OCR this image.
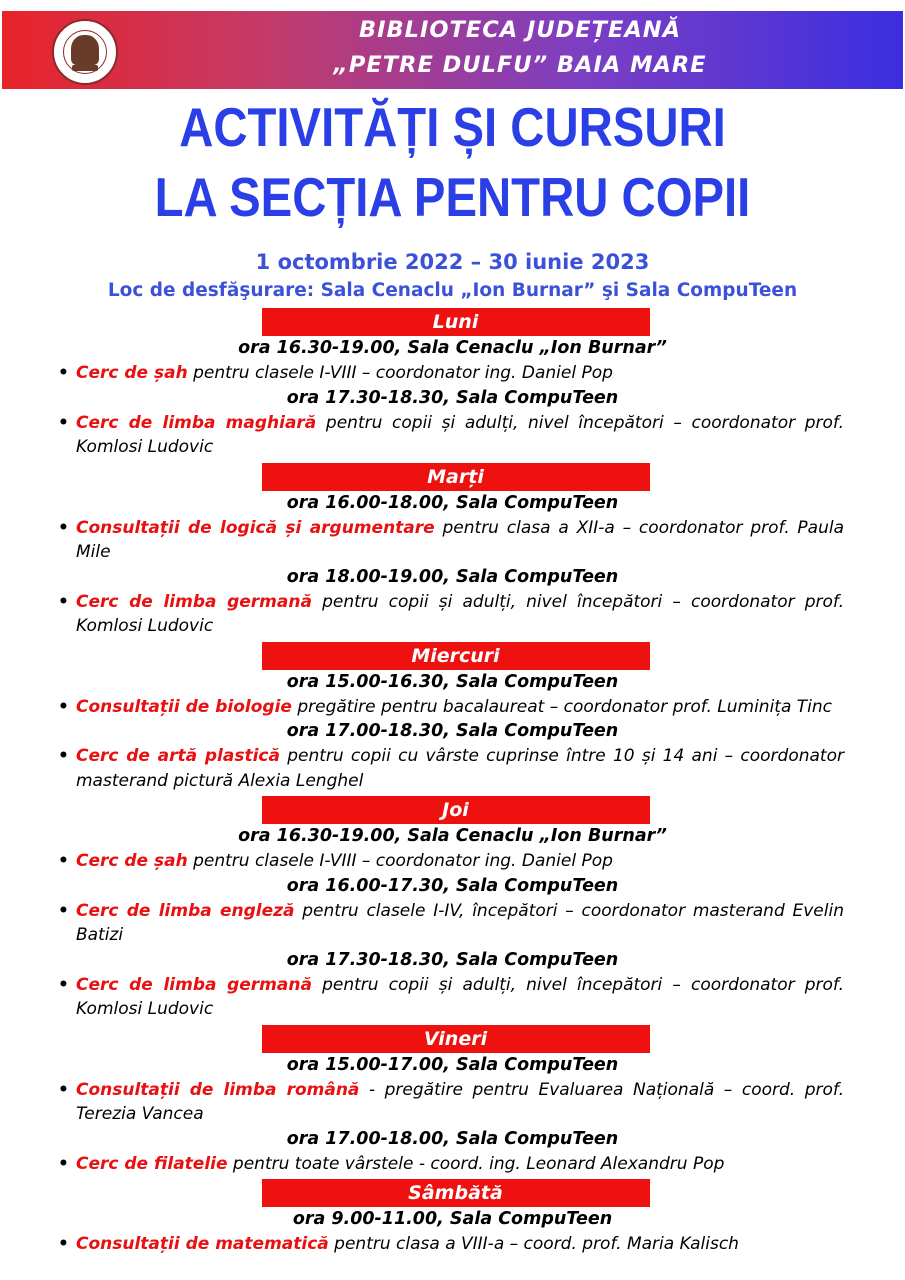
BIBLIOTECA JUDEȚEANĂ
„PETRE DULFU” BAIA MARE
ACTIVITĂȚI ȘI CURSURI
LA SECȚIA PENTRU COPII
1 octombrie 2022 – 30 iunie 2023
Loc de desfăşurare: Sala Cenaclu „Ion Burnar” şi Sala CompuTeen
Luni
ora 16.30-19.00, Sala Cenaclu „Ion Burnar”
• Cerc de șah pentru clasele I-VIII – coordonator ing. Daniel Pop
ora 17.30-18.30, Sala CompuTeen
• Cerc de limba maghiară pentru copii și adulți, nivel începători – coordonator prof. Komlosi Ludovic
Marți
ora 16.00-18.00, Sala CompuTeen
• Consultații de logică și argumentare pentru clasa a XII-a – coordonator prof. Paula Mile
ora 18.00-19.00, Sala CompuTeen
• Cerc de limba germană pentru copii și adulți, nivel începători – coordonator prof. Komlosi Ludovic
Miercuri
ora 15.00-16.30, Sala CompuTeen
• Consultații de biologie pregătire pentru bacalaureat – coordonator prof. Luminița Tinc
ora 17.00-18.30, Sala CompuTeen
• Cerc de artă plastică pentru copii cu vârste cuprinse între 10 și 14 ani – coordonator masterand pictură Alexia Lenghel
Joi
ora 16.30-19.00, Sala Cenaclu „Ion Burnar”
• Cerc de șah pentru clasele I-VIII – coordonator ing. Daniel Pop
ora 16.00-17.30, Sala CompuTeen
• Cerc de limba engleză pentru clasele I-IV, începători – coordonator masterand Evelin Batizi
ora 17.30-18.30, Sala CompuTeen
• Cerc de limba germană pentru copii și adulți, nivel începători – coordonator prof. Komlosi Ludovic
Vineri
ora 15.00-17.00, Sala CompuTeen
• Consultații de limba română - pregătire pentru Evaluarea Națională – coord. prof. Terezia Vancea
ora 17.00-18.00, Sala CompuTeen
• Cerc de filatelie pentru toate vârstele - coord. ing. Leonard Alexandru Pop
Sâmbătă
ora 9.00-11.00, Sala CompuTeen
• Consultații de matematică pentru clasa a VIII-a – coord. prof. Maria Kalisch
